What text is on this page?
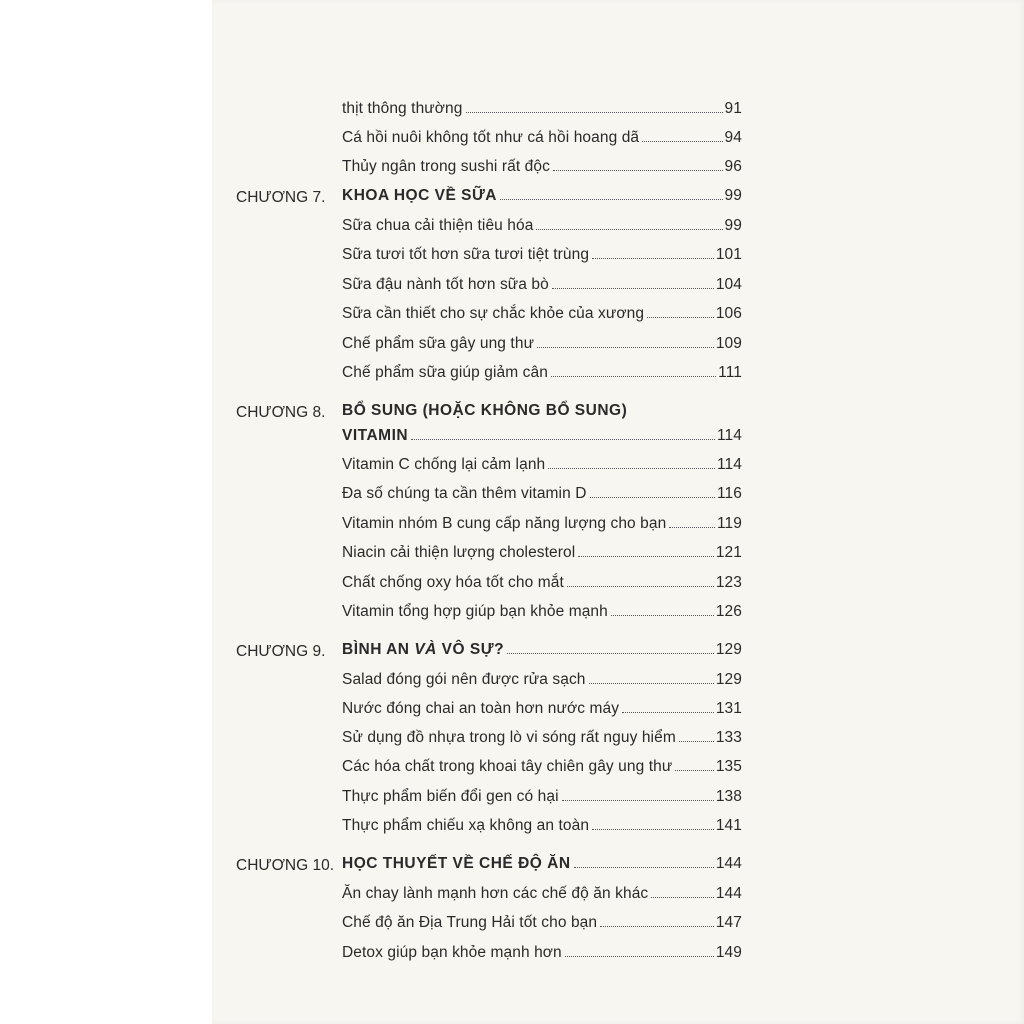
thịt thông thường	91
Cá hồi nuôi không tốt như cá hồi hoang dã	94
Thủy ngân trong sushi rất độc	96
CHƯƠNG 7. KHOA HỌC VỀ SỮA	99
Sữa chua cải thiện tiêu hóa	99
Sữa tươi tốt hơn sữa tươi tiệt trùng	101
Sữa đậu nành tốt hơn sữa bò	104
Sữa cần thiết cho sự chắc khỏe của xương	106
Chế phẩm sữa gây ung thư	109
Chế phẩm sữa giúp giảm cân	111
CHƯƠNG 8. BỔ SUNG (HOẶC KHÔNG BỔ SUNG)
VITAMIN	114
Vitamin C chống lại cảm lạnh	114
Đa số chúng ta cần thêm vitamin D	116
Vitamin nhóm B cung cấp năng lượng cho bạn	119
Niacin cải thiện lượng cholesterol	121
Chất chống oxy hóa tốt cho mắt	123
Vitamin tổng hợp giúp bạn khỏe mạnh	126
CHƯƠNG 9. BÌNH AN VÀ VÔ SỰ?	129
Salad đóng gói nên được rửa sạch	129
Nước đóng chai an toàn hơn nước máy	131
Sử dụng đồ nhựa trong lò vi sóng rất nguy hiểm	133
Các hóa chất trong khoai tây chiên gây ung thư	135
Thực phẩm biến đổi gen có hại	138
Thực phẩm chiếu xạ không an toàn	141
CHƯƠNG 10. HỌC THUYẾT VỀ CHẾ ĐỘ ĂN	144
Ăn chay lành mạnh hơn các chế độ ăn khác	144
Chế độ ăn Địa Trung Hải tốt cho bạn	147
Detox giúp bạn khỏe mạnh hơn	149
